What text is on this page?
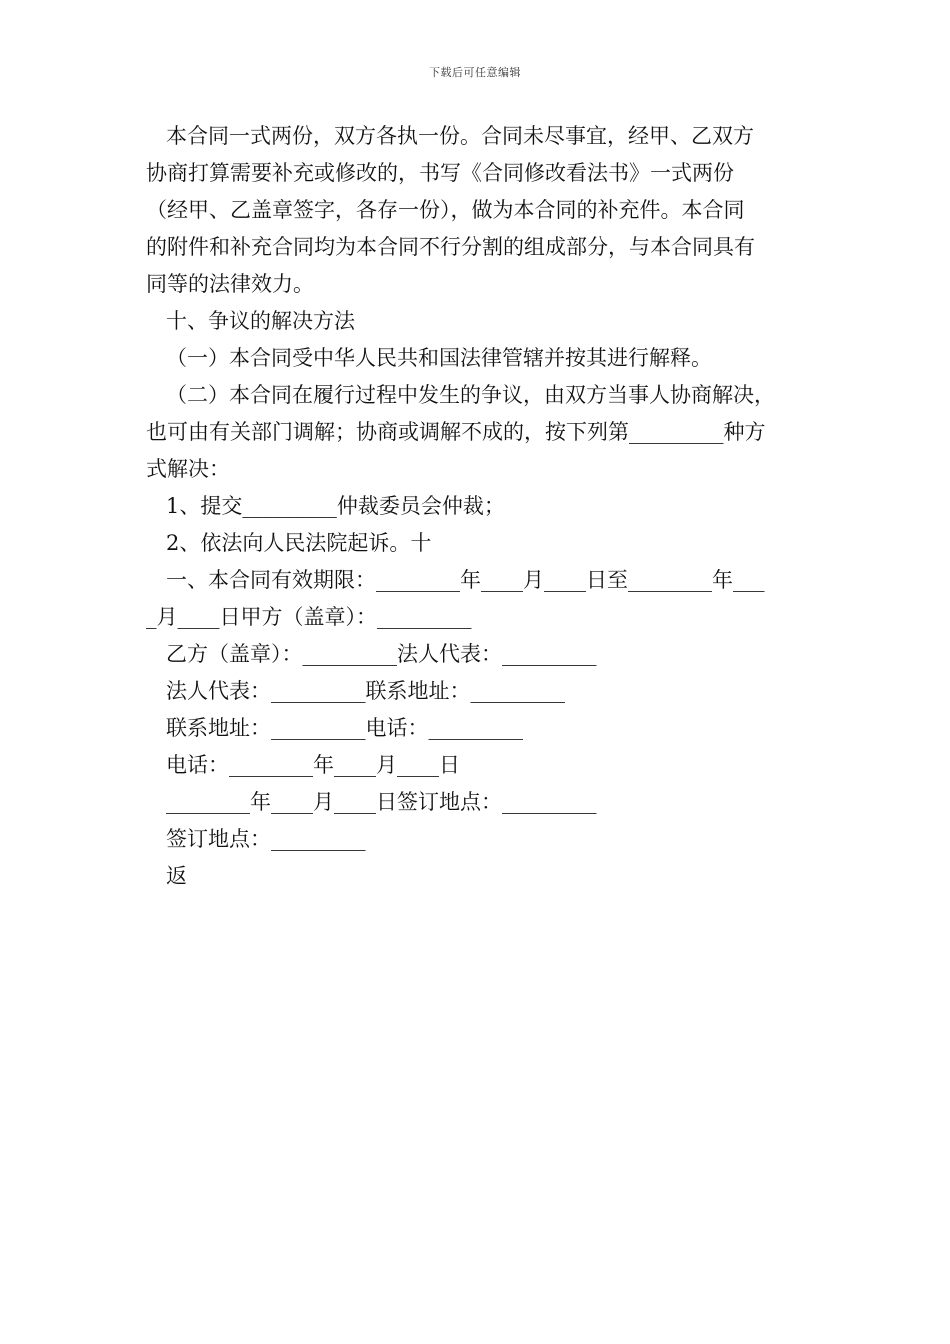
下载后可任意编辑

本合同一式两份，双方各执一份。合同未尽事宜，经甲、乙双方

协商打算需要补充或修改的，书写《合同修改看法书》一式两份

（经甲、乙盖章签字，各存一份），做为本合同的补充件。本合同

的附件和补充合同均为本合同不行分割的组成部分，与本合同具有

同等的法律效力。

十、争议的解决方法

（一）本合同受中华人民共和国法律管辖并按其进行解释。

（二）本合同在履行过程中发生的争议，由双方当事人协商解决，

也可由有关部门调解；协商或调解不成的，按下列第_________种方

式解决：

1、提交_________仲裁委员会仲裁；

2、依法向人民法院起诉。十

一、本合同有效期限：________年____月____日至________年___

_月____日甲方（盖章）：_________

乙方（盖章）：_________法人代表：_________

法人代表：_________联系地址：_________

联系地址：_________电话：_________

电话：________年____月____日

________年____月____日签订地点：_________

签订地点：_________

返
